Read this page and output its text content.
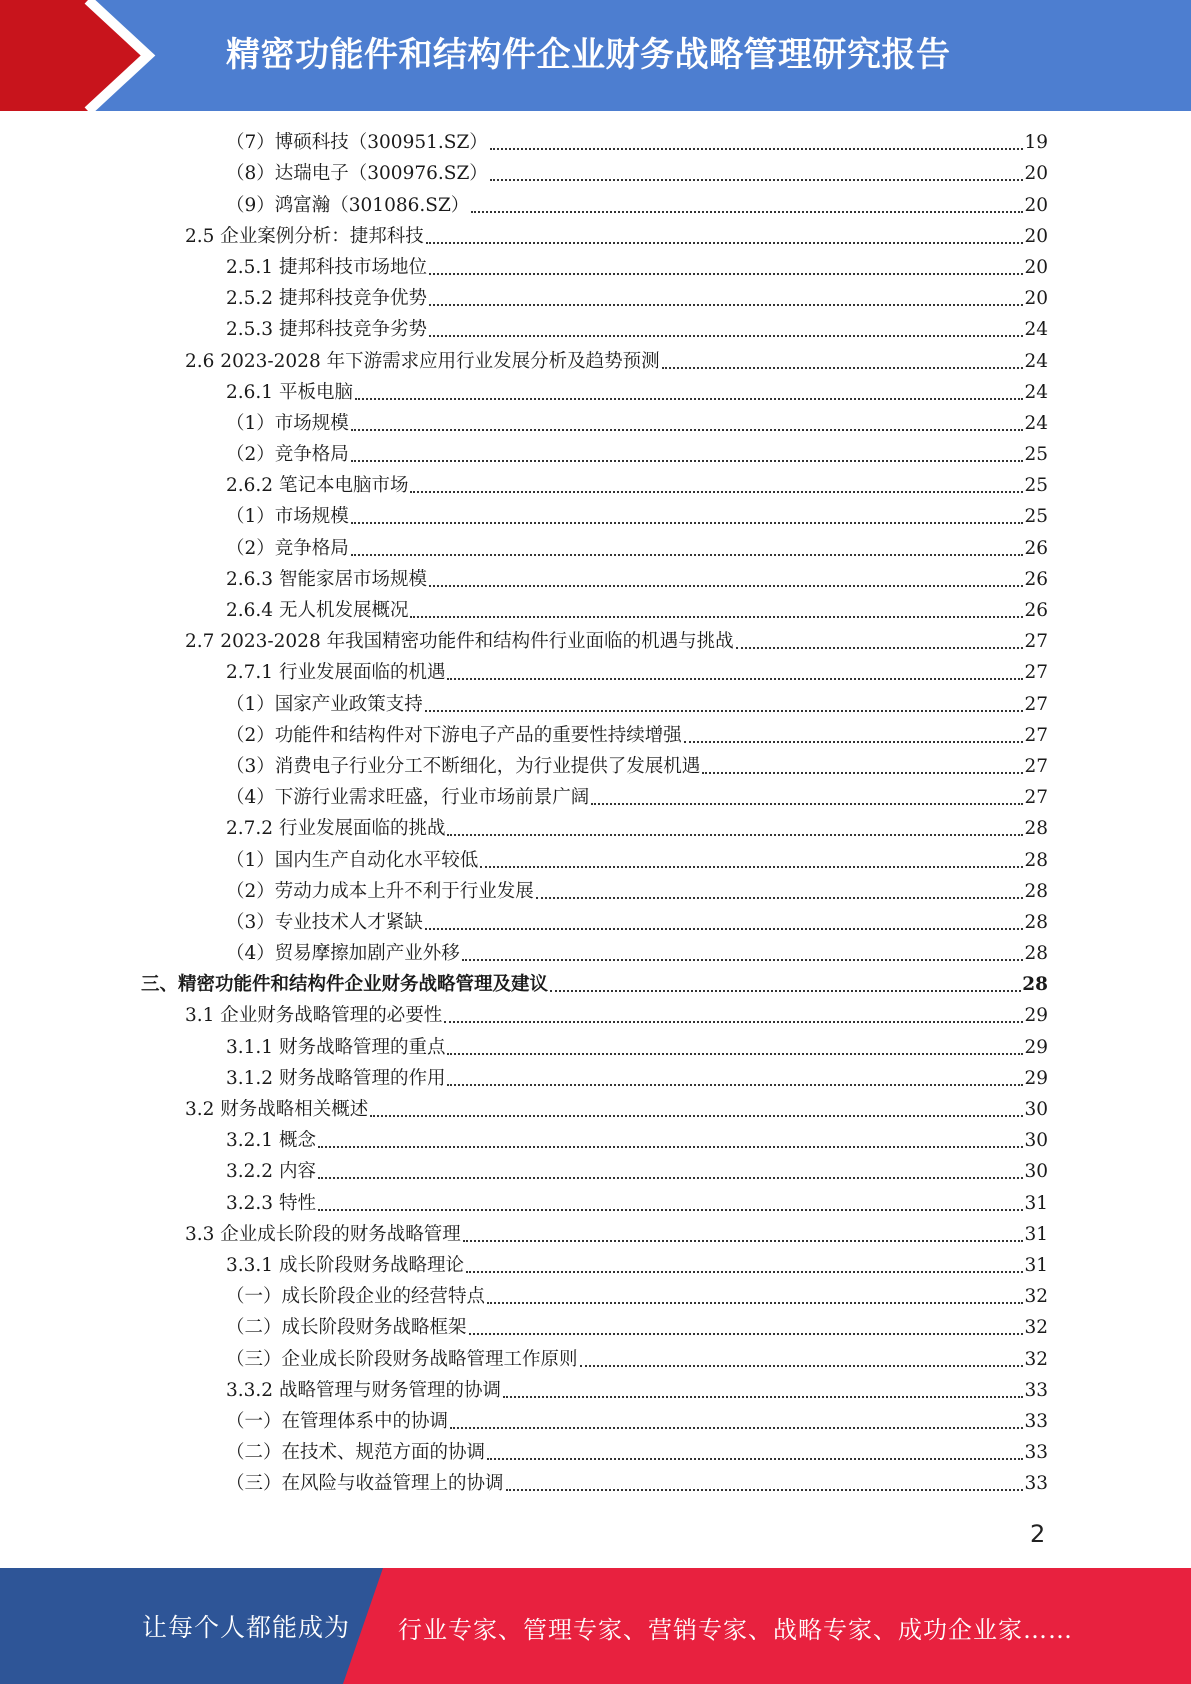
精密功能件和结构件企业财务战略管理研究报告
（7）博硕科技（300951.SZ）	19
（8）达瑞电子（300976.SZ）	20
（9）鸿富瀚（301086.SZ）	20
2.5 企业案例分析：捷邦科技	20
2.5.1 捷邦科技市场地位	20
2.5.2 捷邦科技竞争优势	20
2.5.3 捷邦科技竞争劣势	24
2.6 2023-2028 年下游需求应用行业发展分析及趋势预测	24
2.6.1 平板电脑	24
（1）市场规模	24
（2）竞争格局	25
2.6.2 笔记本电脑市场	25
（1）市场规模	25
（2）竞争格局	26
2.6.3 智能家居市场规模	26
2.6.4 无人机发展概况	26
2.7 2023-2028 年我国精密功能件和结构件行业面临的机遇与挑战	27
2.7.1 行业发展面临的机遇	27
（1）国家产业政策支持	27
（2）功能件和结构件对下游电子产品的重要性持续增强	27
（3）消费电子行业分工不断细化，为行业提供了发展机遇	27
（4）下游行业需求旺盛，行业市场前景广阔	27
2.7.2 行业发展面临的挑战	28
（1）国内生产自动化水平较低	28
（2）劳动力成本上升不利于行业发展	28
（3）专业技术人才紧缺	28
（4）贸易摩擦加剧产业外移	28
三、精密功能件和结构件企业财务战略管理及建议	28
3.1 企业财务战略管理的必要性	29
3.1.1 财务战略管理的重点	29
3.1.2 财务战略管理的作用	29
3.2 财务战略相关概述	30
3.2.1 概念	30
3.2.2 内容	30
3.2.3 特性	31
3.3 企业成长阶段的财务战略管理	31
3.3.1 成长阶段财务战略理论	31
（一）成长阶段企业的经营特点	32
（二）成长阶段财务战略框架	32
（三）企业成长阶段财务战略管理工作原则	32
3.3.2 战略管理与财务管理的协调	33
（一）在管理体系中的协调	33
（二）在技术、规范方面的协调	33
（三）在风险与收益管理上的协调	33
2
让每个人都能成为 行业专家、管理专家、营销专家、战略专家、成功企业家……
